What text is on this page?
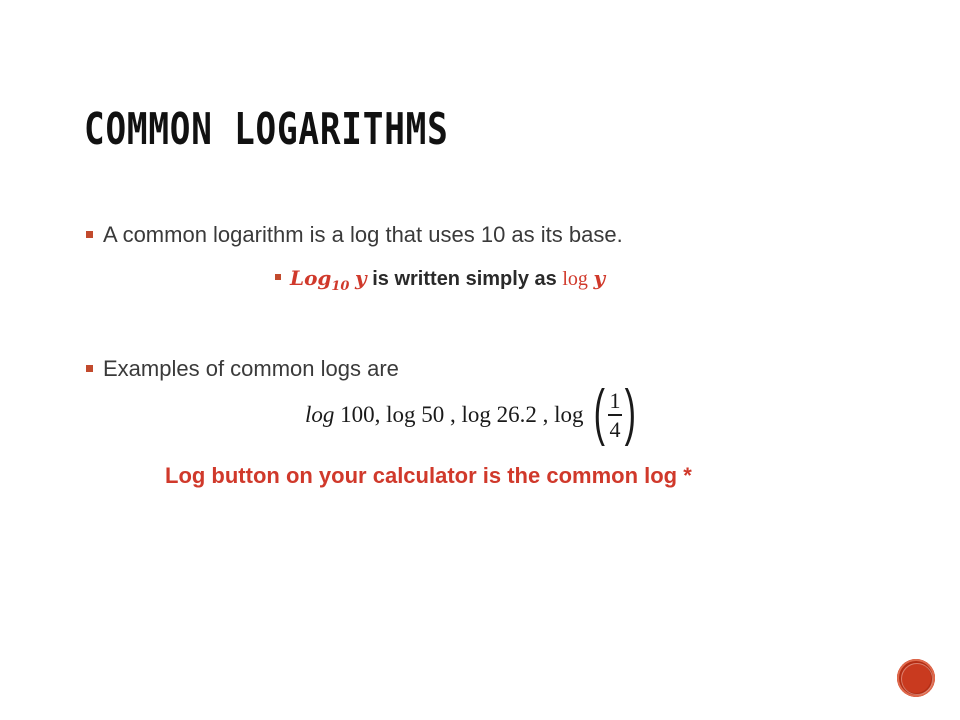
COMMON LOGARITHMS
A common logarithm is a log that uses 10 as its base.
Log$_{10}$ y is written simply as log y
Examples of common logs are
log
100,
log 50 ,
log 26.2 ,
log
( $\frac{1}{4}$ )
Log button on your calculator is the common log *
